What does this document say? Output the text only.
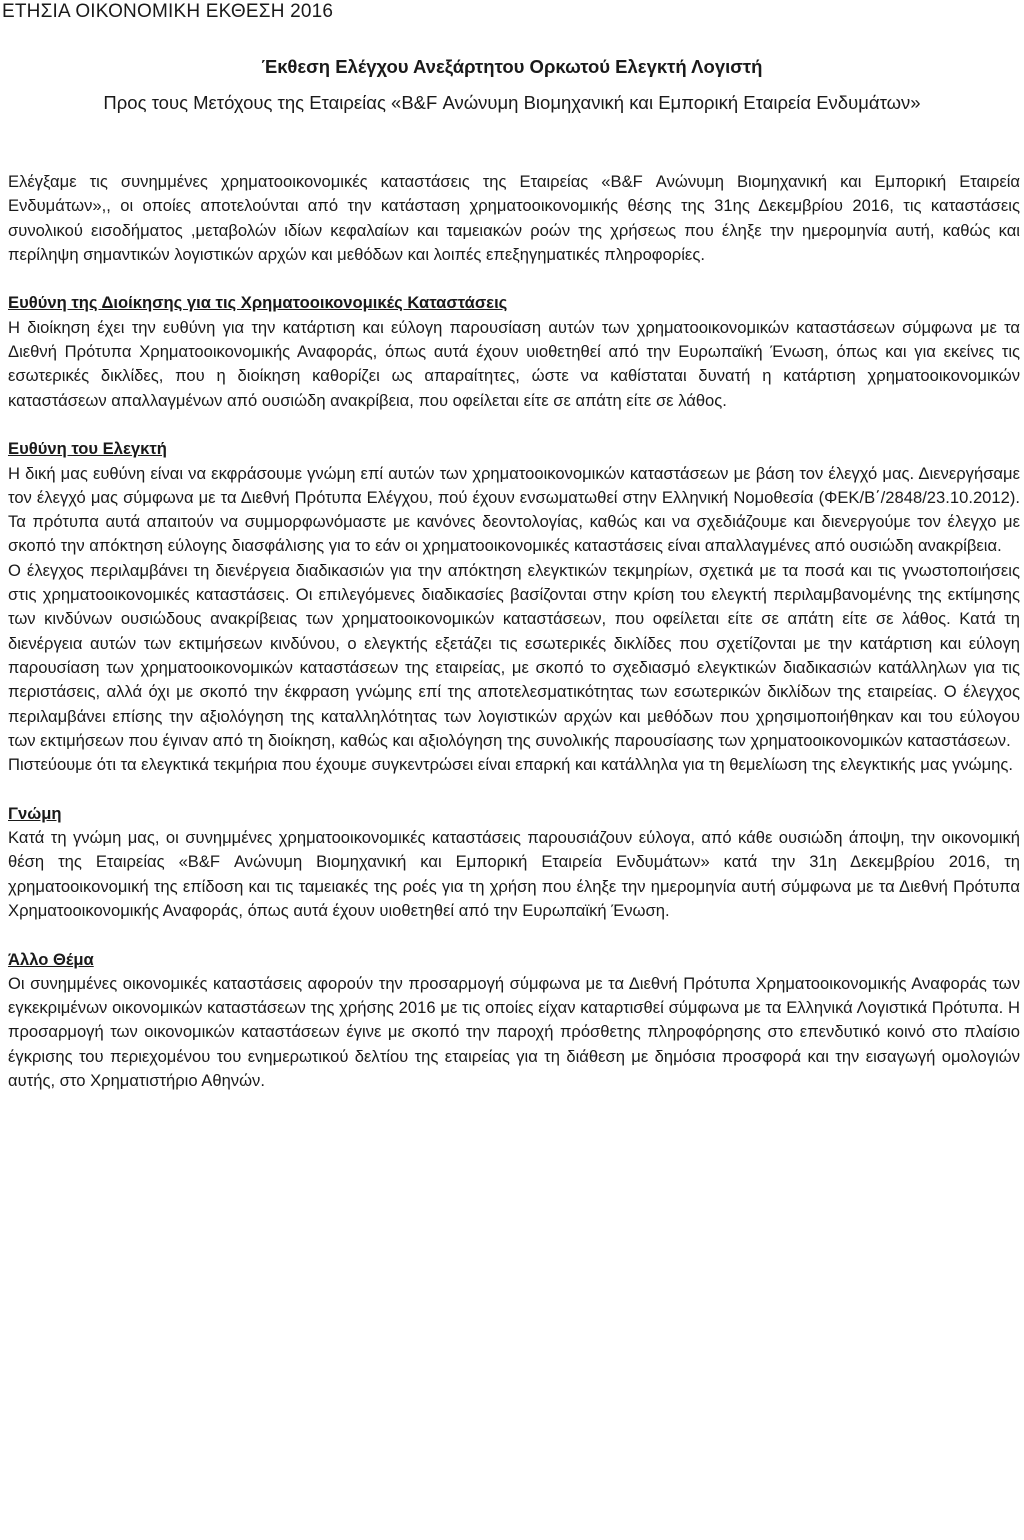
ΕΤΗΣΙΑ ΟΙΚΟΝΟΜΙΚΗ ΕΚΘΕΣΗ 2016
Έκθεση Ελέγχου Ανεξάρτητου Ορκωτού Ελεγκτή Λογιστή
Προς τους Μετόχους της Εταιρείας «B&F Ανώνυμη Βιομηχανική και Εμπορική Εταιρεία Ενδυμάτων»

Ελέγξαμε τις συνημμένες χρηματοοικονομικές καταστάσεις της Εταιρείας «B&F Ανώνυμη Βιομηχανική και Εμπορική Εταιρεία Ενδυμάτων»,, οι οποίες αποτελούνται από την κατάσταση χρηματοοικονομικής θέσης της 31ης Δεκεμβρίου 2016, τις καταστάσεις συνολικού εισοδήματος ,μεταβολών ιδίων κεφαλαίων και ταμειακών ροών της χρήσεως που έληξε την ημερομηνία αυτή, καθώς και περίληψη σημαντικών λογιστικών αρχών και μεθόδων και λοιπές επεξηγηματικές πληροφορίες.

Ευθύνη της Διοίκησης για τις Χρηματοοικονομικές Καταστάσεις

Η διοίκηση έχει την ευθύνη για την κατάρτιση και εύλογη παρουσίαση αυτών των χρηματοοικονομικών καταστάσεων σύμφωνα με τα Διεθνή Πρότυπα Χρηματοοικονομικής Αναφοράς, όπως αυτά έχουν υιοθετηθεί από την Ευρωπαϊκή Ένωση, όπως και για εκείνες τις εσωτερικές δικλίδες, που η διοίκηση καθορίζει ως απαραίτητες, ώστε να καθίσταται δυνατή η κατάρτιση χρηματοοικονομικών καταστάσεων απαλλαγμένων από ουσιώδη ανακρίβεια, που οφείλεται είτε σε απάτη είτε σε λάθος.

Ευθύνη του Ελεγκτή

Η δική μας ευθύνη είναι να εκφράσουμε γνώμη επί αυτών των χρηματοοικονομικών καταστάσεων με βάση τον έλεγχό μας. Διενεργήσαμε τον έλεγχό μας σύμφωνα με τα Διεθνή Πρότυπα Ελέγχου, πού έχουν ενσωματωθεί στην Ελληνική Νομοθεσία (ΦΕΚ/Β΄/2848/23.10.2012). Τα πρότυπα αυτά απαιτούν να συμμορφωνόμαστε με κανόνες δεοντολογίας, καθώς και να σχεδιάζουμε και διενεργούμε τον έλεγχο με σκοπό την απόκτηση εύλογης διασφάλισης για το εάν οι χρηματοοικονομικές καταστάσεις είναι απαλλαγμένες από ουσιώδη ανακρίβεια.

Ο έλεγχος περιλαμβάνει τη διενέργεια διαδικασιών για την απόκτηση ελεγκτικών τεκμηρίων, σχετικά με τα ποσά και τις γνωστοποιήσεις στις χρηματοοικονομικές καταστάσεις. Οι επιλεγόμενες διαδικασίες βασίζονται στην κρίση του ελεγκτή περιλαμβανομένης της εκτίμησης των κινδύνων ουσιώδους ανακρίβειας των χρηματοοικονομικών καταστάσεων, που οφείλεται είτε σε απάτη είτε σε λάθος. Κατά τη διενέργεια αυτών των εκτιμήσεων κινδύνου, ο ελεγκτής εξετάζει τις εσωτερικές δικλίδες που σχετίζονται με την κατάρτιση και εύλογη παρουσίαση των χρηματοοικονομικών καταστάσεων της εταιρείας, με σκοπό το σχεδιασμό ελεγκτικών διαδικασιών κατάλληλων για τις περιστάσεις, αλλά όχι με σκοπό την έκφραση γνώμης επί της αποτελεσματικότητας των εσωτερικών δικλίδων της εταιρείας. Ο έλεγχος περιλαμβάνει επίσης την αξιολόγηση της καταλληλότητας των λογιστικών αρχών και μεθόδων που χρησιμοποιήθηκαν και του εύλογου των εκτιμήσεων που έγιναν από τη διοίκηση, καθώς και αξιολόγηση της συνολικής παρουσίασης των χρηματοοικονομικών καταστάσεων.

Πιστεύουμε ότι τα ελεγκτικά τεκμήρια που έχουμε συγκεντρώσει είναι επαρκή και κατάλληλα για τη θεμελίωση της ελεγκτικής μας γνώμης.

Γνώμη

Κατά τη γνώμη μας, οι συνημμένες χρηματοοικονομικές καταστάσεις παρουσιάζουν εύλογα, από κάθε ουσιώδη άποψη, την οικονομική θέση της Εταιρείας «B&F Ανώνυμη Βιομηχανική και Εμπορική Εταιρεία Ενδυμάτων» κατά την 31η Δεκεμβρίου 2016, τη χρηματοοικονομική της επίδοση και τις ταμειακές της ροές για τη χρήση που έληξε την ημερομηνία αυτή σύμφωνα με τα Διεθνή Πρότυπα Χρηματοοικονομικής Αναφοράς, όπως αυτά έχουν υιοθετηθεί από την Ευρωπαϊκή Ένωση.

Άλλο Θέμα

Οι συνημμένες οικονομικές καταστάσεις αφορούν την προσαρμογή σύμφωνα με τα Διεθνή Πρότυπα Χρηματοοικονομικής Αναφοράς των εγκεκριμένων οικονομικών καταστάσεων της χρήσης 2016 με τις οποίες είχαν καταρτισθεί σύμφωνα με τα Ελληνικά Λογιστικά Πρότυπα. Η προσαρμογή των οικονομικών καταστάσεων έγινε με σκοπό την παροχή πρόσθετης πληροφόρησης στο επενδυτικό κοινό στο πλαίσιο έγκρισης του περιεχομένου του ενημερωτικού δελτίου της εταιρείας για τη διάθεση με δημόσια προσφορά και την εισαγωγή ομολογιών αυτής, στο Χρηματιστήριο Αθηνών.
